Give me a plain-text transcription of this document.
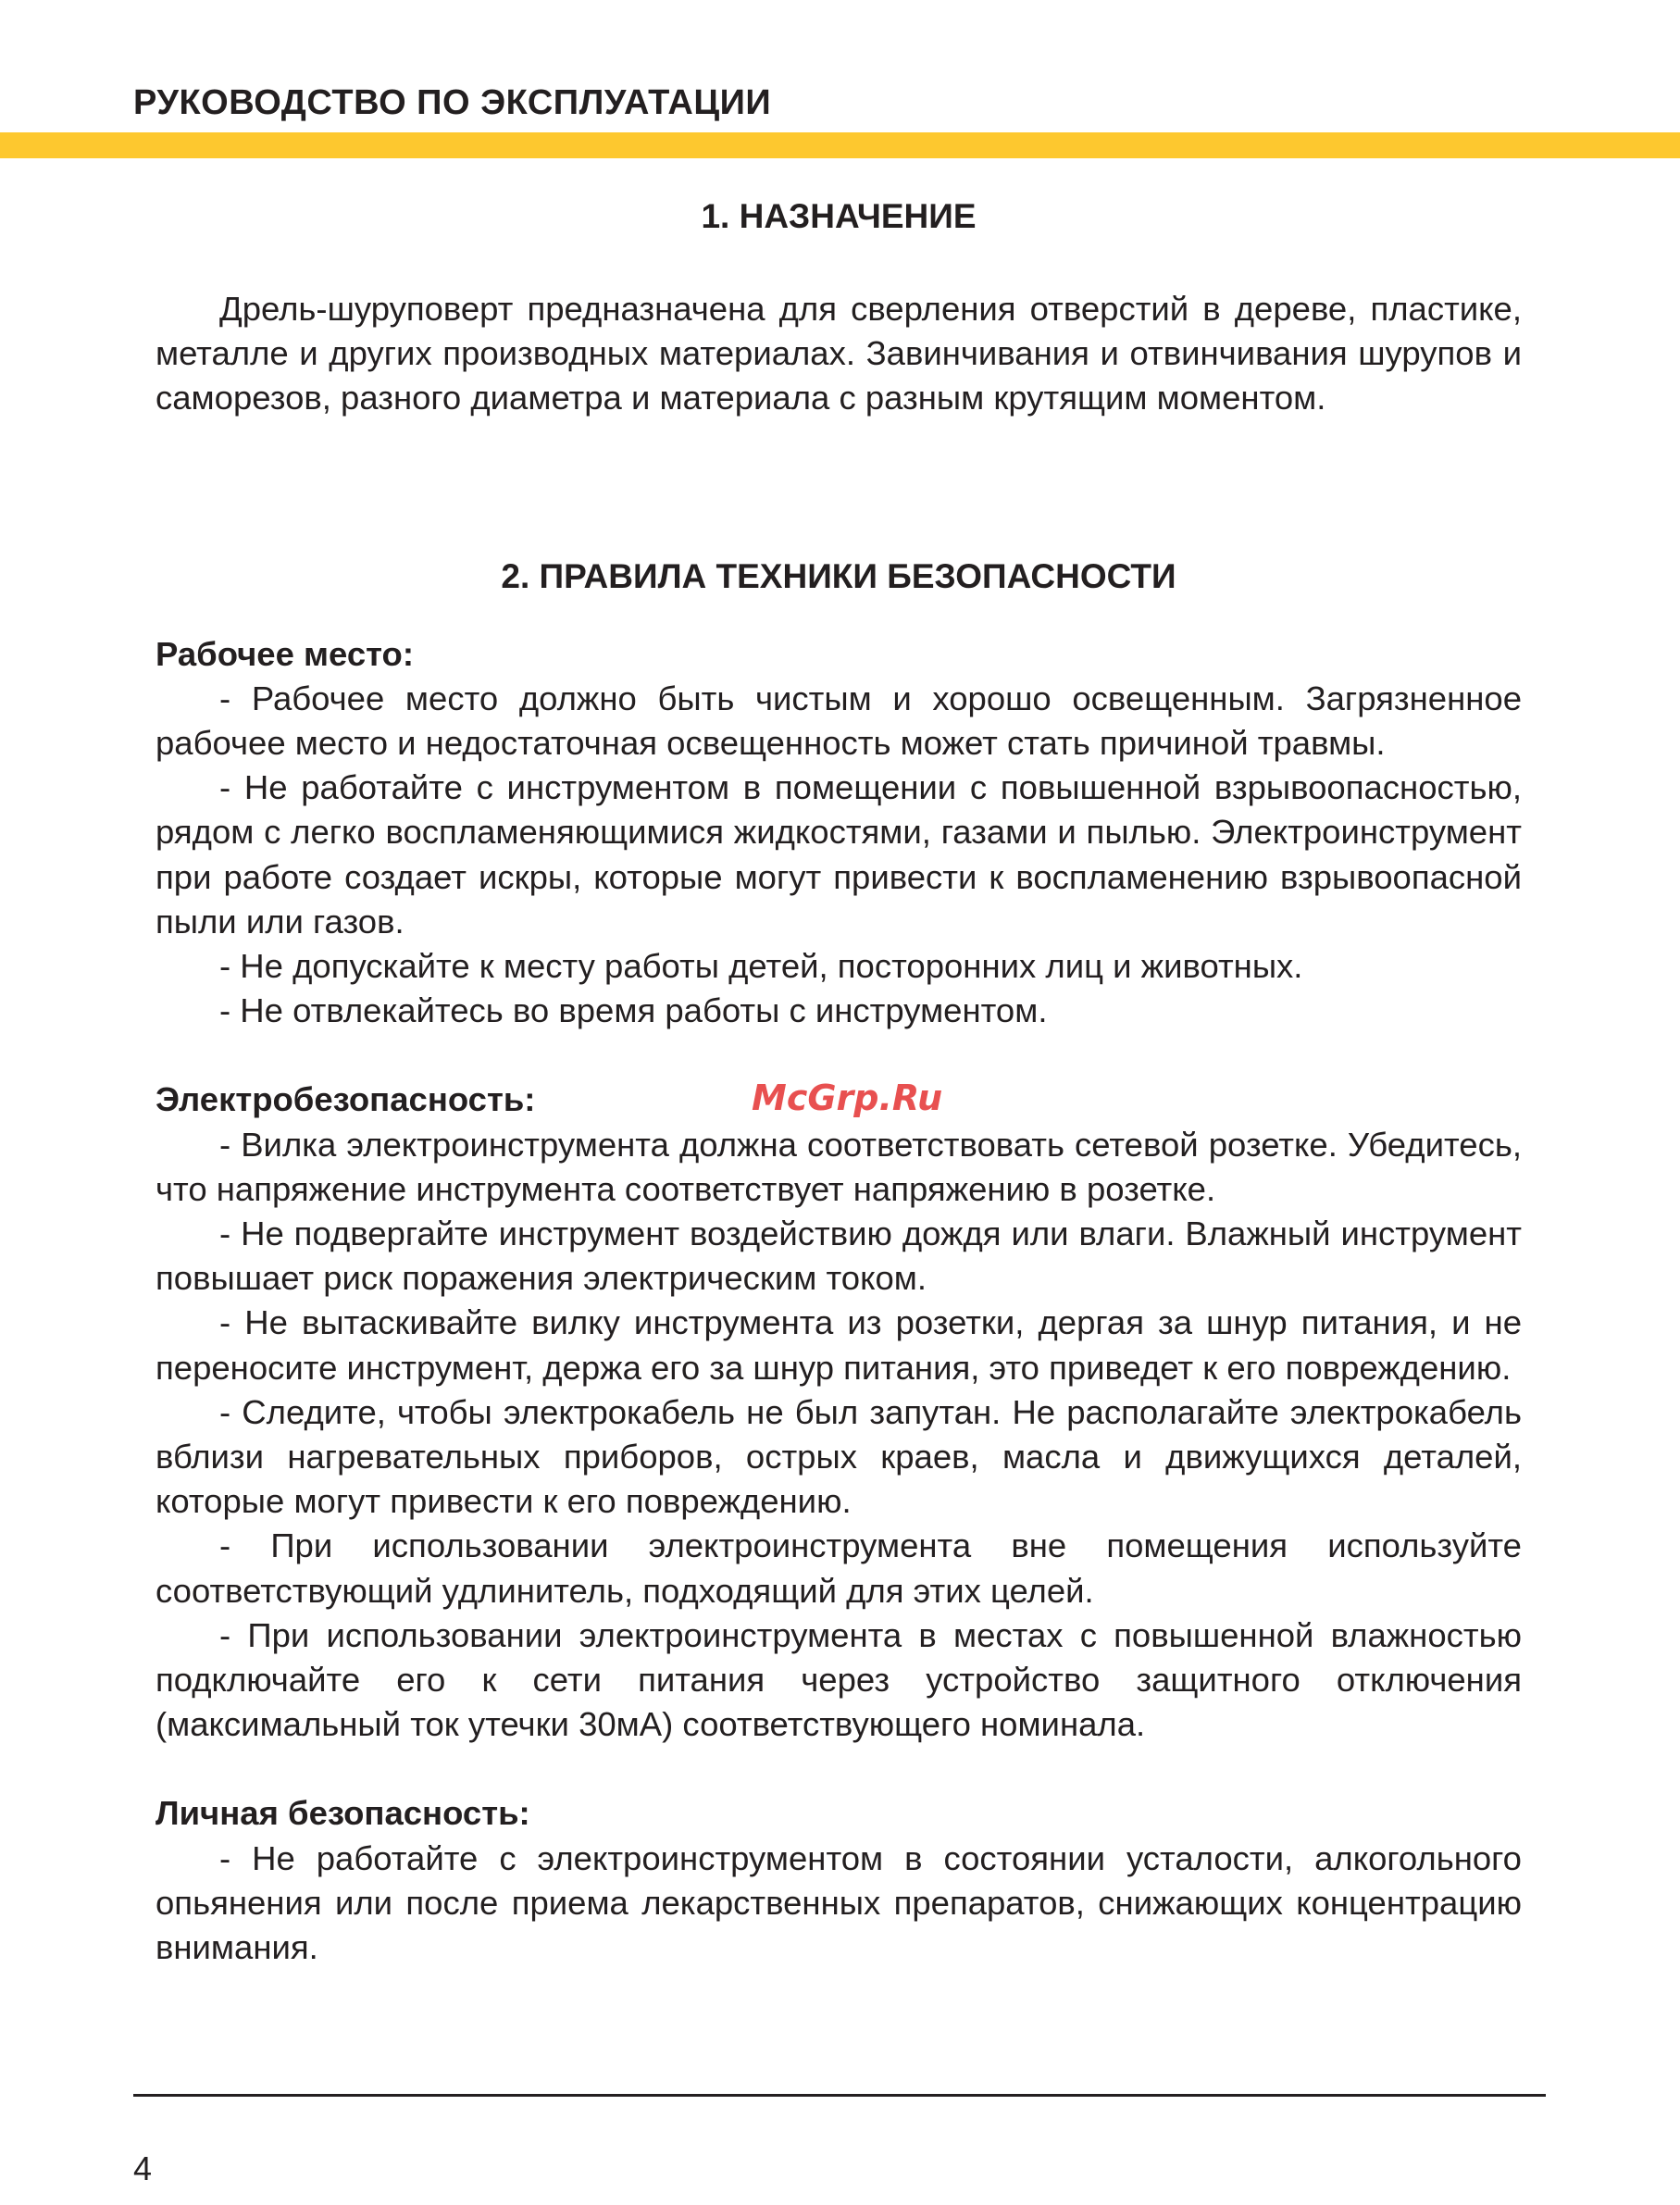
РУКОВОДСТВО ПО ЭКСПЛУАТАЦИИ
1. НАЗНАЧЕНИЕ

Дрель-шуруповерт предназначена для сверления отверстий в дереве, пластике, металле и других производных материалах. Завинчивания и отвинчивания шурупов и саморезов, разного диаметра и материала с разным крутящим моментом.

2. ПРАВИЛА ТЕХНИКИ БЕЗОПАСНОСТИ

Рабочее место:

- Рабочее место должно быть чистым и хорошо освещенным. Загрязненное рабочее место и недостаточная освещенность может стать причиной травмы.

- Не работайте с инструментом в помещении с повышенной взрывоопасностью, рядом с легко воспламеняющимися жидкостями, газами и пылью. Электроинструмент при работе создает искры, которые могут привести к воспламенению взрывоопасной пыли или газов.

- Не допускайте к месту работы детей, посторонних лиц и животных.

- Не отвлекайтесь во время работы с инструментом.

Электробезопасность:

- Вилка электроинструмента должна соответствовать сетевой розетке. Убедитесь, что напряжение инструмента соответствует напряжению в розетке.

- Не подвергайте инструмент воздействию дождя или влаги. Влажный инструмент повышает риск поражения электрическим током.

- Не вытаскивайте вилку инструмента из розетки, дергая за шнур питания, и не переносите инструмент, держа его за шнур питания, это приведет к его повреждению.

- Следите, чтобы электрокабель не был запутан. Не располагайте электрокабель вблизи нагревательных приборов, острых краев, масла и движущихся деталей, которые могут привести к его повреждению.

- При использовании электроинструмента вне помещения используйте соответствующий удлинитель, подходящий для этих целей.

- При использовании электроинструмента в местах с повышенной влажностью подключайте его к сети питания через устройство защитного отключения (максимальный ток утечки 30мА) соответствующего номинала.

Личная безопасность:

- Не работайте с электроинструментом в состоянии усталости, алкогольного опьянения или после приема лекарственных препаратов, снижающих концентрацию внимания.

McGrp.Ru
4
